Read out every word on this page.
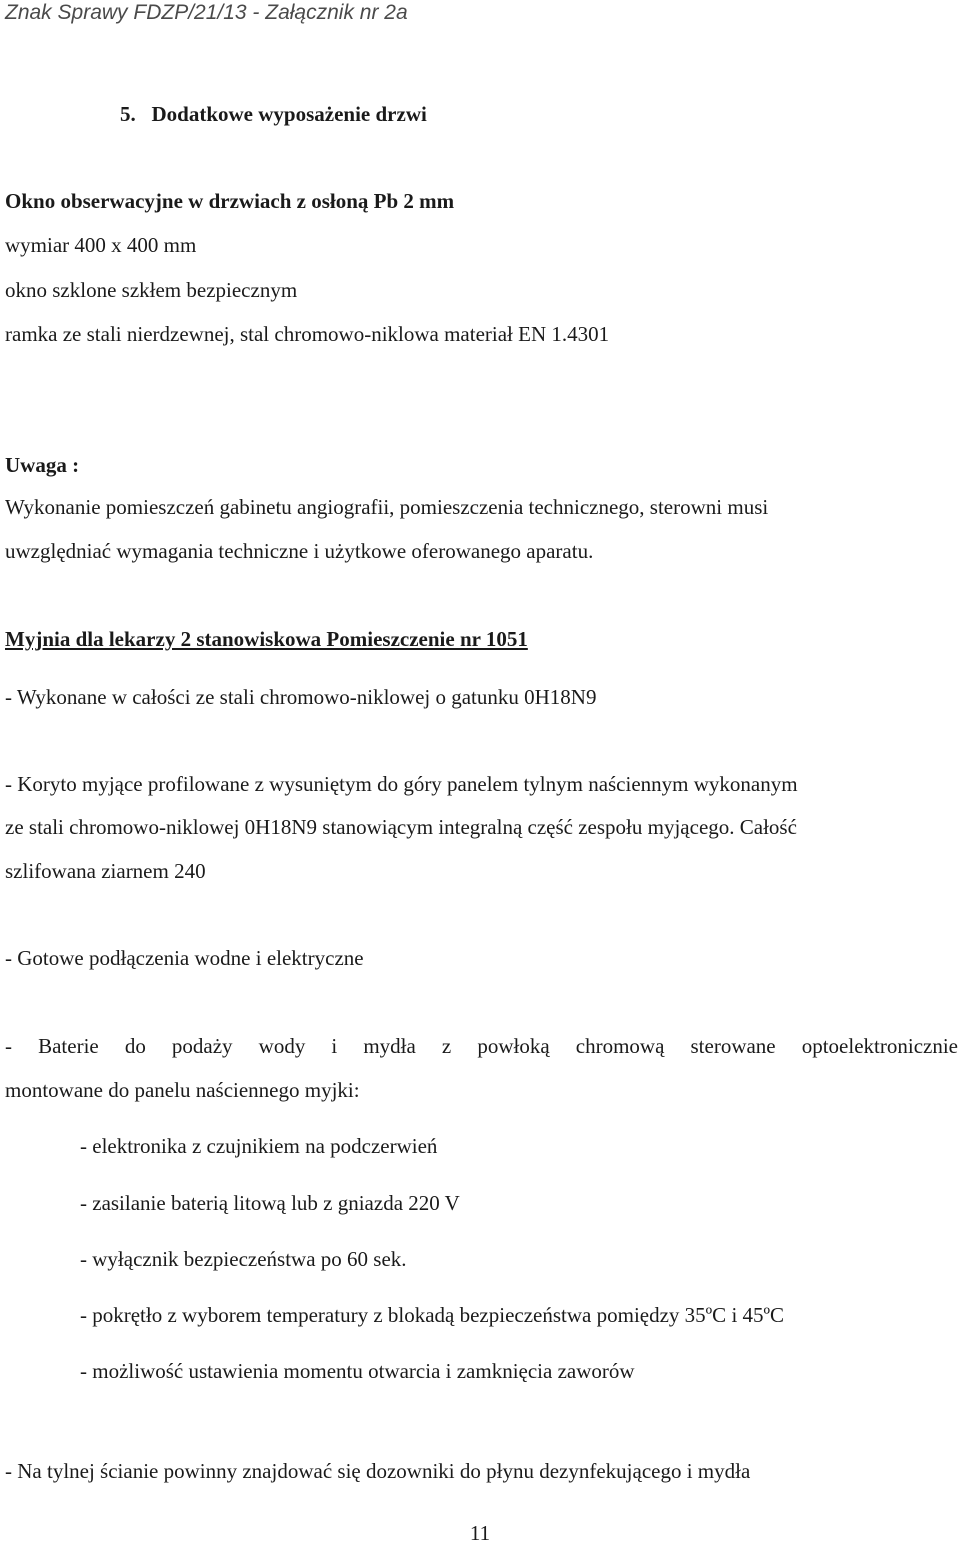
Znak Sprawy FDZP/21/13 - Załącznik nr 2a

5. Dodatkowe wyposażenie drzwi

Okno obserwacyjne w drzwiach z osłoną Pb 2 mm

wymiar 400 x 400 mm

okno szklone szkłem bezpiecznym

ramka ze stali nierdzewnej, stal chromowo-niklowa materiał EN 1.4301

Uwaga :

Wykonanie pomieszczeń gabinetu angiografii, pomieszczenia technicznego, sterowni musi

uwzględniać wymagania techniczne i użytkowe oferowanego aparatu.

Myjnia dla lekarzy 2 stanowiskowa Pomieszczenie nr 1051

- Wykonane w całości ze stali chromowo-niklowej o gatunku 0H18N9

- Koryto myjące profilowane z wysuniętym do góry panelem tylnym naściennym wykonanym

ze stali chromowo-niklowej 0H18N9 stanowiącym integralną część zespołu myjącego. Całość

szlifowana ziarnem 240

- Gotowe podłączenia wodne i elektryczne

- Baterie do podaży wody i mydła z powłoką chromową sterowane optoelektronicznie

montowane do panelu naściennego myjki:

- elektronika z czujnikiem na podczerwień

- zasilanie baterią litową lub z gniazda 220 V

- wyłącznik bezpieczeństwa po 60 sek.

- pokrętło z wyborem temperatury z blokadą bezpieczeństwa pomiędzy 35ºC i 45ºC

- możliwość ustawienia momentu otwarcia i zamknięcia zaworów

- Na tylnej ścianie powinny znajdować się dozowniki do płynu dezynfekującego i mydła

11
